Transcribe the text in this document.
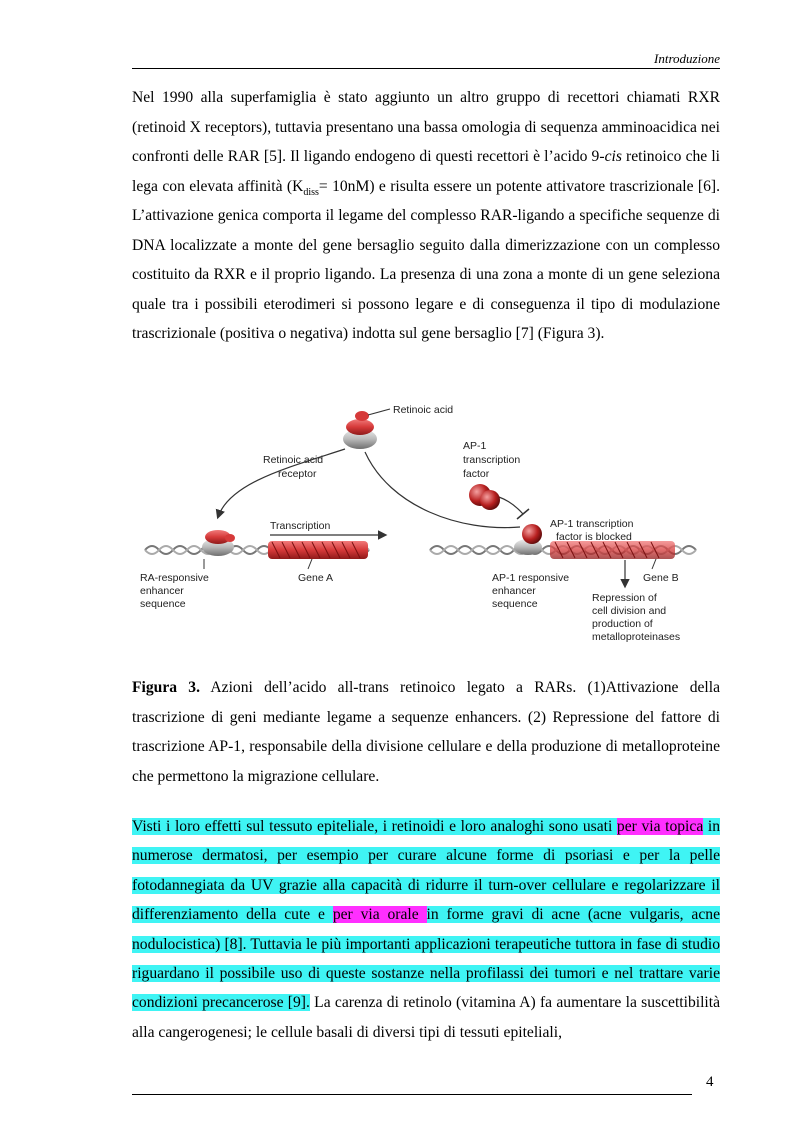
Introduzione

Nel 1990 alla superfamiglia è stato aggiunto un altro gruppo di recettori chiamati RXR (retinoid X receptors), tuttavia presentano una bassa omologia di sequenza amminoacidica nei confronti delle RAR [5]. Il ligando endogeno di questi recettori è l’acido 9-cis retinoico che li lega con elevata affinità $(K_{diss}= 10nM)$ e risulta essere un potente attivatore trascrizionale [6]. L’attivazione genica comporta il legame del complesso RAR-ligando a specifiche sequenze di DNA localizzate a monte del gene bersaglio seguito dalla dimerizzazione con un complesso costituito da RXR e il proprio ligando. La presenza di una zona a monte di un gene seleziona quale tra i possibili eterodimeri si possono legare e di conseguenza il tipo di modulazione trascrizionale (positiva o negativa) indotta sul gene bersaglio [7] (Figura 3).

Transcription
Retinoic acid
Retinoic acid
receptor
AP-1
transcription
factor
AP-1 transcription
factor is blocked
RA-responsive
enhancer
sequence
Gene A	AP-1 responsive
enhancer
sequence
Gene B
Repression of
cell division and
production of
metalloproteinases

Figura 3. Azioni dell’acido all-trans retinoico legato a RARs. (1)Attivazione della trascrizione di geni mediante legame a sequenze enhancers. (2) Repressione del fattore di trascrizione AP-1, responsabile della divisione cellulare e della produzione di metalloproteine che permettono la migrazione cellulare.

Visti i loro effetti sul tessuto epiteliale, i retinoidi e loro analoghi sono usati per via topica in numerose dermatosi, per esempio per curare alcune forme di psoriasi e per la pelle fotodannegiata da UV grazie alla capacità di ridurre il turn-over cellulare e regolarizzare il differenziamento della cute e per via orale in forme gravi di acne (acne vulgaris, acne nodulocistica) [8]. Tuttavia le più importanti applicazioni terapeutiche tuttora in fase di studio riguardano il possibile uso di queste sostanze nella profilassi dei tumori e nel trattare varie condizioni precancerose [9]. La carenza di retinolo (vitamina A) fa aumentare la suscettibilità alla cangerogenesi; le cellule basali di diversi tipi di tessuti epiteliali,

4
